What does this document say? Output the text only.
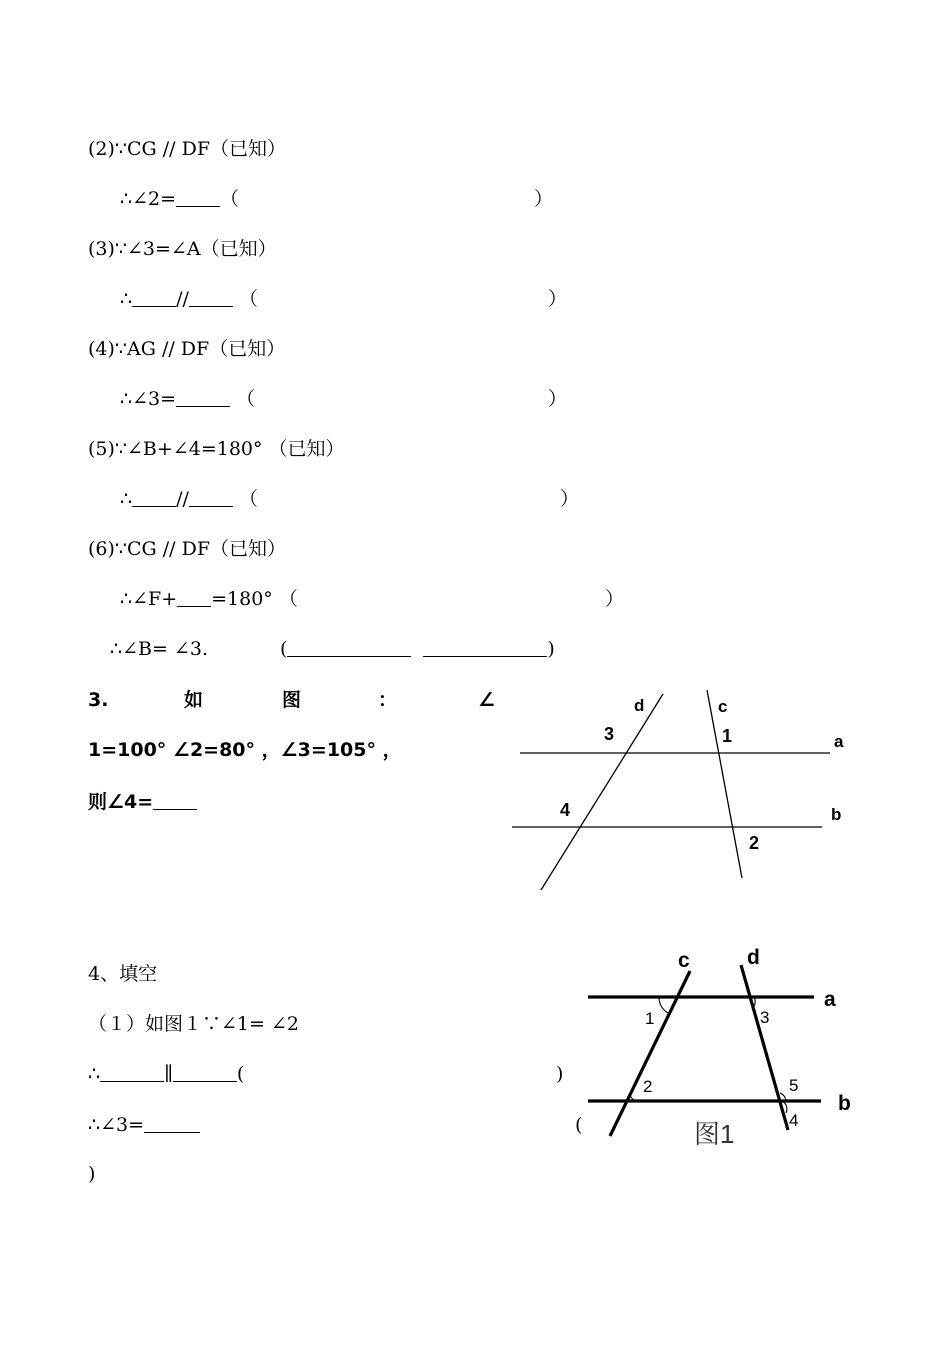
(2)∵CG // DF（已知）
∴∠2= （	）
(3)∵∠3=∠A（已知）
∴ //	（	）
(4)∵AG // DF（已知）
∴∠3=	（	）
(5)∵∠B+∠4=180° （已知）
∴ //	（	）
(6)∵CG // DF（已知）
∴∠F+ =180° （	）
∴∠B= ∠3.	(	)
3.	如	图	：	∠
1=100° ∠2=80° ，∠3=105° ，
则∠4=
d	c
a
b
3	1
4
2
4、填空
（１）如图１∵∠1= ∠2
∴	∥	(	)
∴∠3=	(
)
c	d
a
b
1
2
3
5
4
图1
